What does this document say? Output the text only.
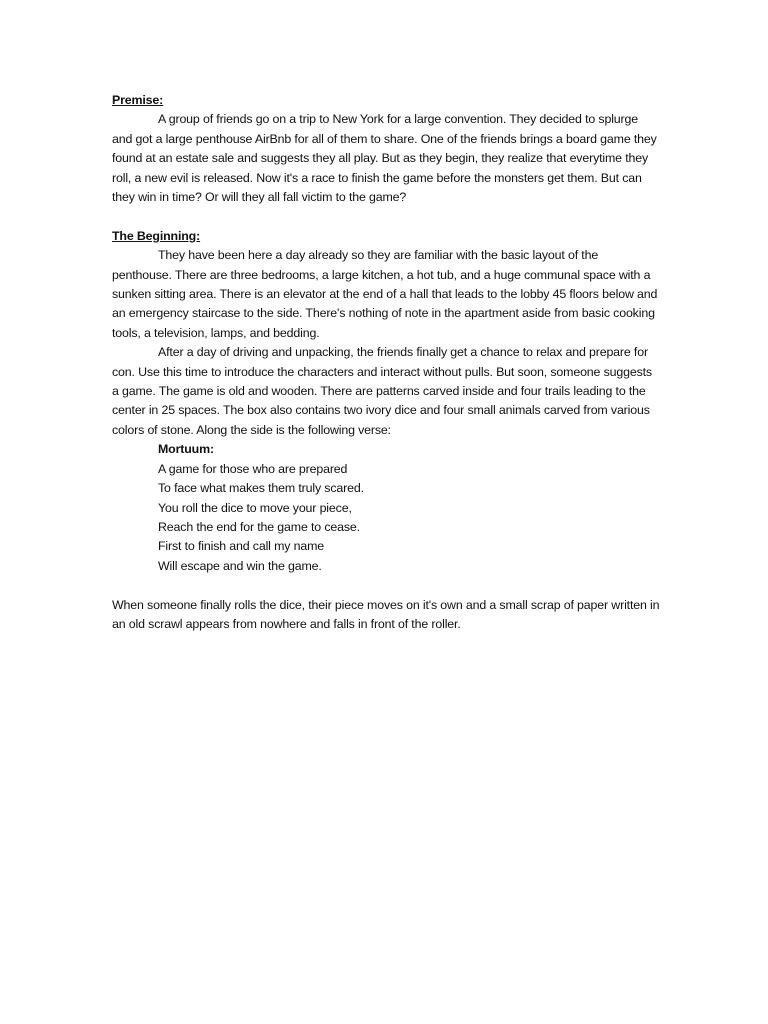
Premise:

A group of friends go on a trip to New York for a large convention. They decided to splurge and got a large penthouse AirBnb for all of them to share. One of the friends brings a board game they found at an estate sale and suggests they all play. But as they begin, they realize that everytime they roll, a new evil is released. Now it's a race to finish the game before the monsters get them. But can they win in time? Or will they all fall victim to the game?

The Beginning:

They have been here a day already so they are familiar with the basic layout of the penthouse. There are three bedrooms, a large kitchen, a hot tub, and a huge communal space with a sunken sitting area. There is an elevator at the end of a hall that leads to the lobby 45 floors below and an emergency staircase to the side. There's nothing of note in the apartment aside from basic cooking tools, a television, lamps, and bedding.

After a day of driving and unpacking, the friends finally get a chance to relax and prepare for con. Use this time to introduce the characters and interact without pulls. But soon, someone suggests a game. The game is old and wooden. There are patterns carved inside and four trails leading to the center in 25 spaces. The box also contains two ivory dice and four small animals carved from various colors of stone. Along the side is the following verse:

Mortuum:
A game for those who are prepared
To face what makes them truly scared.
You roll the dice to move your piece,
Reach the end for the game to cease.
First to finish and call my name
Will escape and win the game.

When someone finally rolls the dice, their piece moves on it's own and a small scrap of paper written in an old scrawl appears from nowhere and falls in front of the roller.
